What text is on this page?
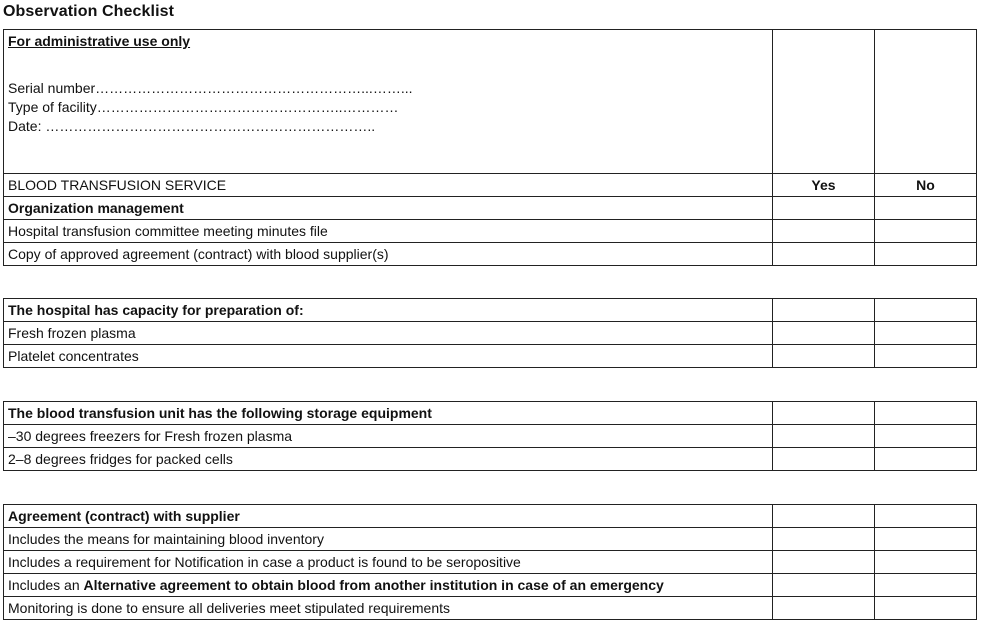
Observation Checklist
For administrative use only
Serial number…………………………………………………...……...
Type of facility……………………………………………..…………
Date: ……………………………………………………………..		

BLOOD TRANSFUSION SERVICE	Yes	No
Organization management		
Hospital transfusion committee meeting minutes file		
Copy of approved agreement (contract) with blood supplier(s)		
The hospital has capacity for preparation of:		
Fresh frozen plasma		
Platelet concentrates		
The blood transfusion unit has the following storage equipment		
–30 degrees freezers for Fresh frozen plasma		
2–8 degrees fridges for packed cells		
Agreement (contract) with supplier		
Includes the means for maintaining blood inventory		
Includes a requirement for Notification in case a product is found to be seropositive		
Includes an Alternative agreement to obtain blood from another institution in case of an emergency		
Monitoring is done to ensure all deliveries meet stipulated requirements		
